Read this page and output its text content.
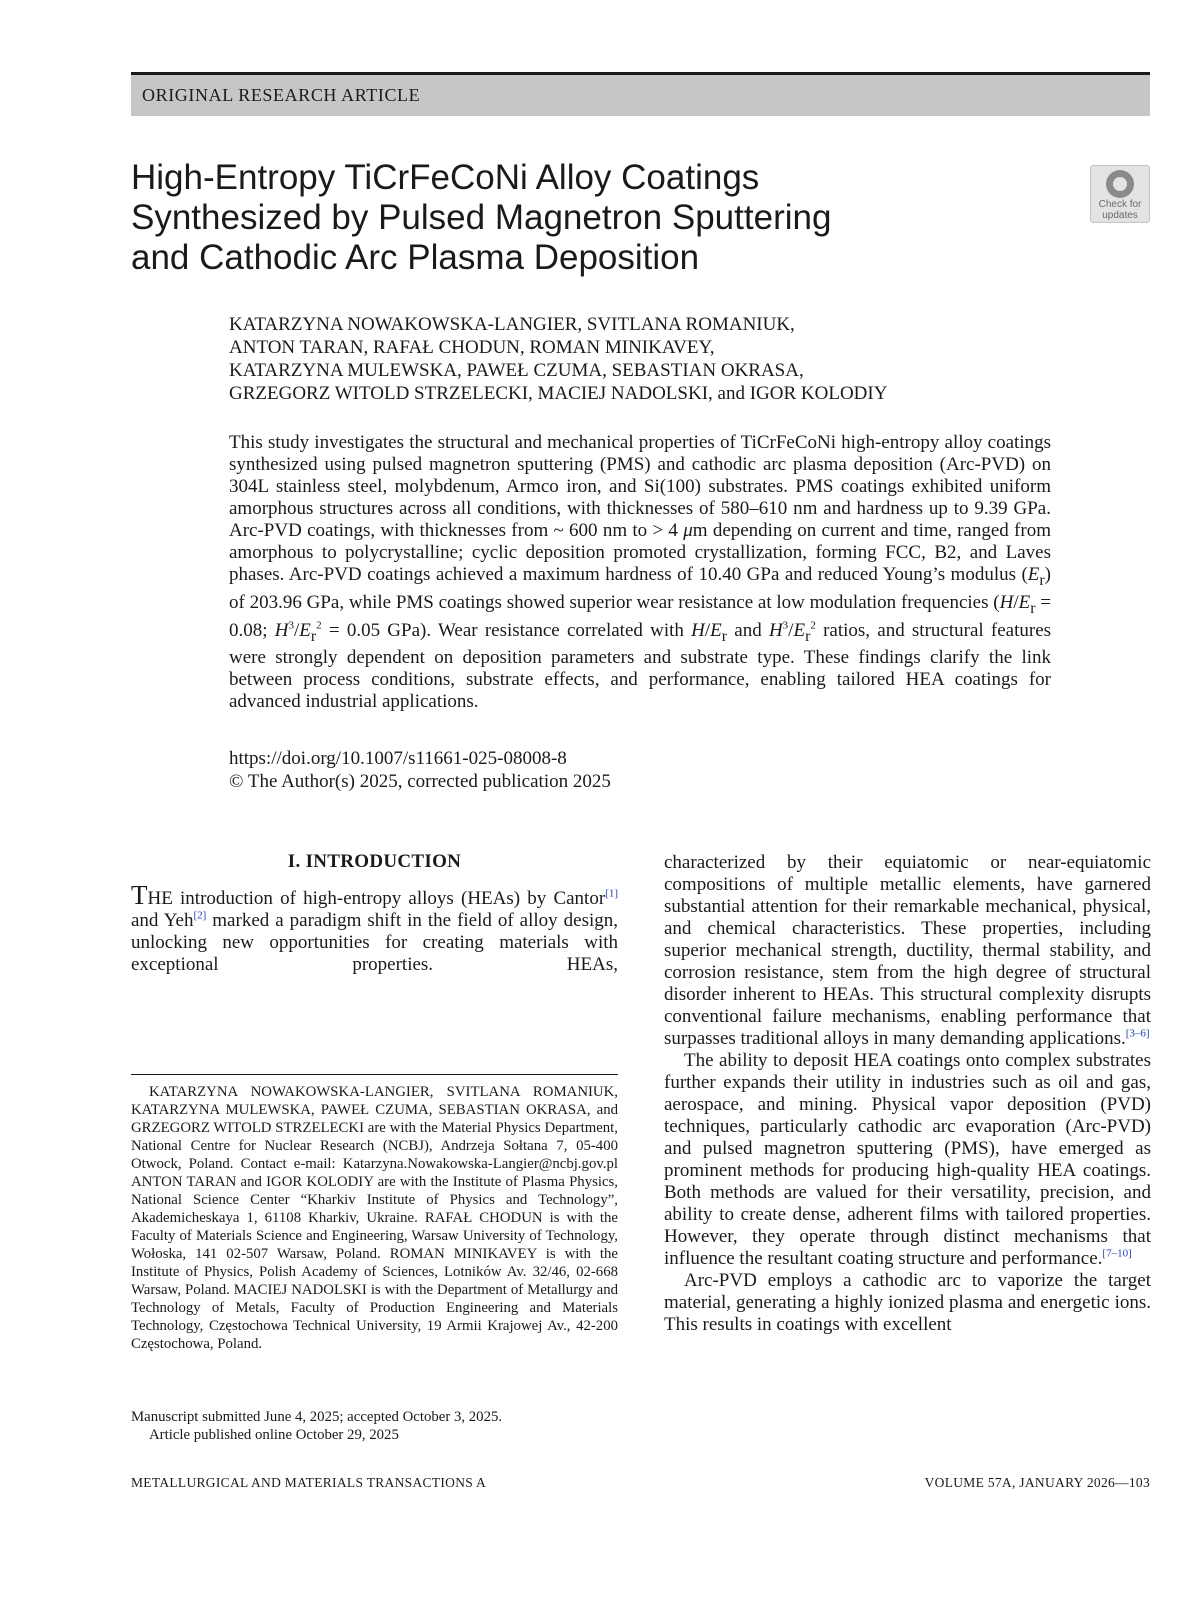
ORIGINAL RESEARCH ARTICLE
High-Entropy TiCrFeCoNi Alloy Coatings
Synthesized by Pulsed Magnetron Sputtering
and Cathodic Arc Plasma Deposition
Check for
updates
KATARZYNA NOWAKOWSKA-LANGIER, SVITLANA ROMANIUK,
ANTON TARAN, RAFAŁ CHODUN, ROMAN MINIKAVEY,
KATARZYNA MULEWSKA, PAWEŁ CZUMA, SEBASTIAN OKRASA,
GRZEGORZ WITOLD STRZELECKI, MACIEJ NADOLSKI, and IGOR KOLODIY

This study investigates the structural and mechanical properties of TiCrFeCoNi high-entropy alloy coatings synthesized using pulsed magnetron sputtering (PMS) and cathodic arc plasma deposition (Arc-PVD) on 304L stainless steel, molybdenum, Armco iron, and Si(100) substrates. PMS coatings exhibited uniform amorphous structures across all conditions, with thicknesses of 580–610 nm and hardness up to 9.39 GPa. Arc-PVD coatings, with thicknesses from ~ 600 nm to > 4 μm depending on current and time, ranged from amorphous to polycrystalline; cyclic deposition promoted crystallization, forming FCC, B2, and Laves phases. Arc-PVD coatings achieved a maximum hardness of 10.40 GPa and reduced Young’s modulus $(E_r)$ of 203.96 GPa, while PMS coatings showed superior wear resistance at low modulation frequencies ($H/E_r = 0.08$; $H^3/E_r^2 = 0.05$ GPa). Wear resistance correlated with $H/E_r$ and $H^3/E_r^2$ ratios, and structural features were strongly dependent on deposition parameters and substrate type. These findings clarify the link between process conditions, substrate effects, and performance, enabling tailored HEA coatings for advanced industrial applications.

https://doi.org/10.1007/s11661-025-08008-8
© The Author(s) 2025, corrected publication 2025
I. INTRODUCTION

THE introduction of high-entropy alloys (HEAs) by Cantor[1] and Yeh[2] marked a paradigm shift in the field of alloy design, unlocking new opportunities for creating materials with exceptional properties. HEAs,

KATARZYNA NOWAKOWSKA-LANGIER, SVITLANA ROMANIUK, KATARZYNA MULEWSKA, PAWEŁ CZUMA, SEBASTIAN OKRASA, and GRZEGORZ WITOLD STRZELECKI are with the Material Physics Department, National Centre for Nuclear Research (NCBJ), Andrzeja Sołtana 7, 05-400 Otwock, Poland. Contact e-mail: Katarzyna.Nowakowska-Langier@ncbj.gov.pl ANTON TARAN and IGOR KOLODIY are with the Institute of Plasma Physics, National Science Center “Kharkiv Institute of Physics and Technology”, Akademicheskaya 1, 61108 Kharkiv, Ukraine. RAFAŁ CHODUN is with the Faculty of Materials Science and Engineering, Warsaw University of Technology, Wołoska, 141 02-507 Warsaw, Poland. ROMAN MINIKAVEY is with the Institute of Physics, Polish Academy of Sciences, Lotników Av. 32/46, 02-668 Warsaw, Poland. MACIEJ NADOLSKI is with the Department of Metallurgy and Technology of Metals, Faculty of Production Engineering and Materials Technology, Częstochowa Technical University, 19 Armii Krajowej Av., 42-200 Częstochowa, Poland.

Manuscript submitted June 4, 2025; accepted October 3, 2025.
Article published online October 29, 2025

characterized by their equiatomic or near-equiatomic compositions of multiple metallic elements, have garnered substantial attention for their remarkable mechanical, physical, and chemical characteristics. These properties, including superior mechanical strength, ductility, thermal stability, and corrosion resistance, stem from the high degree of structural disorder inherent to HEAs. This structural complexity disrupts conventional failure mechanisms, enabling performance that surpasses traditional alloys in many demanding applications.[3–6]

The ability to deposit HEA coatings onto complex substrates further expands their utility in industries such as oil and gas, aerospace, and mining. Physical vapor deposition (PVD) techniques, particularly cathodic arc evaporation (Arc-PVD) and pulsed magnetron sputtering (PMS), have emerged as prominent methods for producing high-quality HEA coatings. Both methods are valued for their versatility, precision, and ability to create dense, adherent films with tailored properties. However, they operate through distinct mechanisms that influence the resultant coating structure and performance.[7–10]

Arc-PVD employs a cathodic arc to vaporize the target material, generating a highly ionized plasma and energetic ions. This results in coatings with excellent

METALLURGICAL AND MATERIALS TRANSACTIONS A	VOLUME 57A, JANUARY 2026—103
